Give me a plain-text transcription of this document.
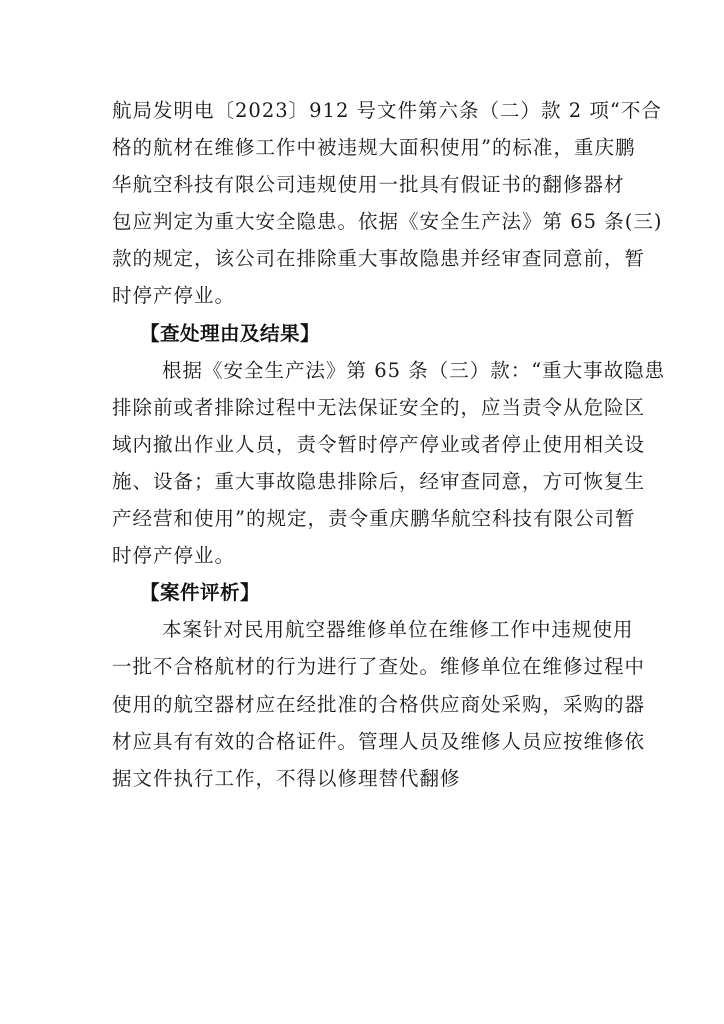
航局发明电〔2023〕912 号文件第六条（二）款 2 项“不合
格的航材在维修工作中被违规大面积使用”的标准，重庆鹏
华航空科技有限公司违规使用一批具有假证书的翻修器材
包应判定为重大安全隐患。依据《安全生产法》第 65 条(三)
款的规定，该公司在排除重大事故隐患并经审查同意前，暂
时停产停业。
【查处理由及结果】
根据《安全生产法》第 65 条（三）款：“重大事故隐患
排除前或者排除过程中无法保证安全的，应当责令从危险区
域内撤出作业人员，责令暂时停产停业或者停止使用相关设
施、设备；重大事故隐患排除后，经审查同意，方可恢复生
产经营和使用”的规定，责令重庆鹏华航空科技有限公司暂
时停产停业。
【案件评析】
本案针对民用航空器维修单位在维修工作中违规使用
一批不合格航材的行为进行了查处。维修单位在维修过程中
使用的航空器材应在经批准的合格供应商处采购，采购的器
材应具有有效的合格证件。管理人员及维修人员应按维修依
据文件执行工作，不得以修理替代翻修
